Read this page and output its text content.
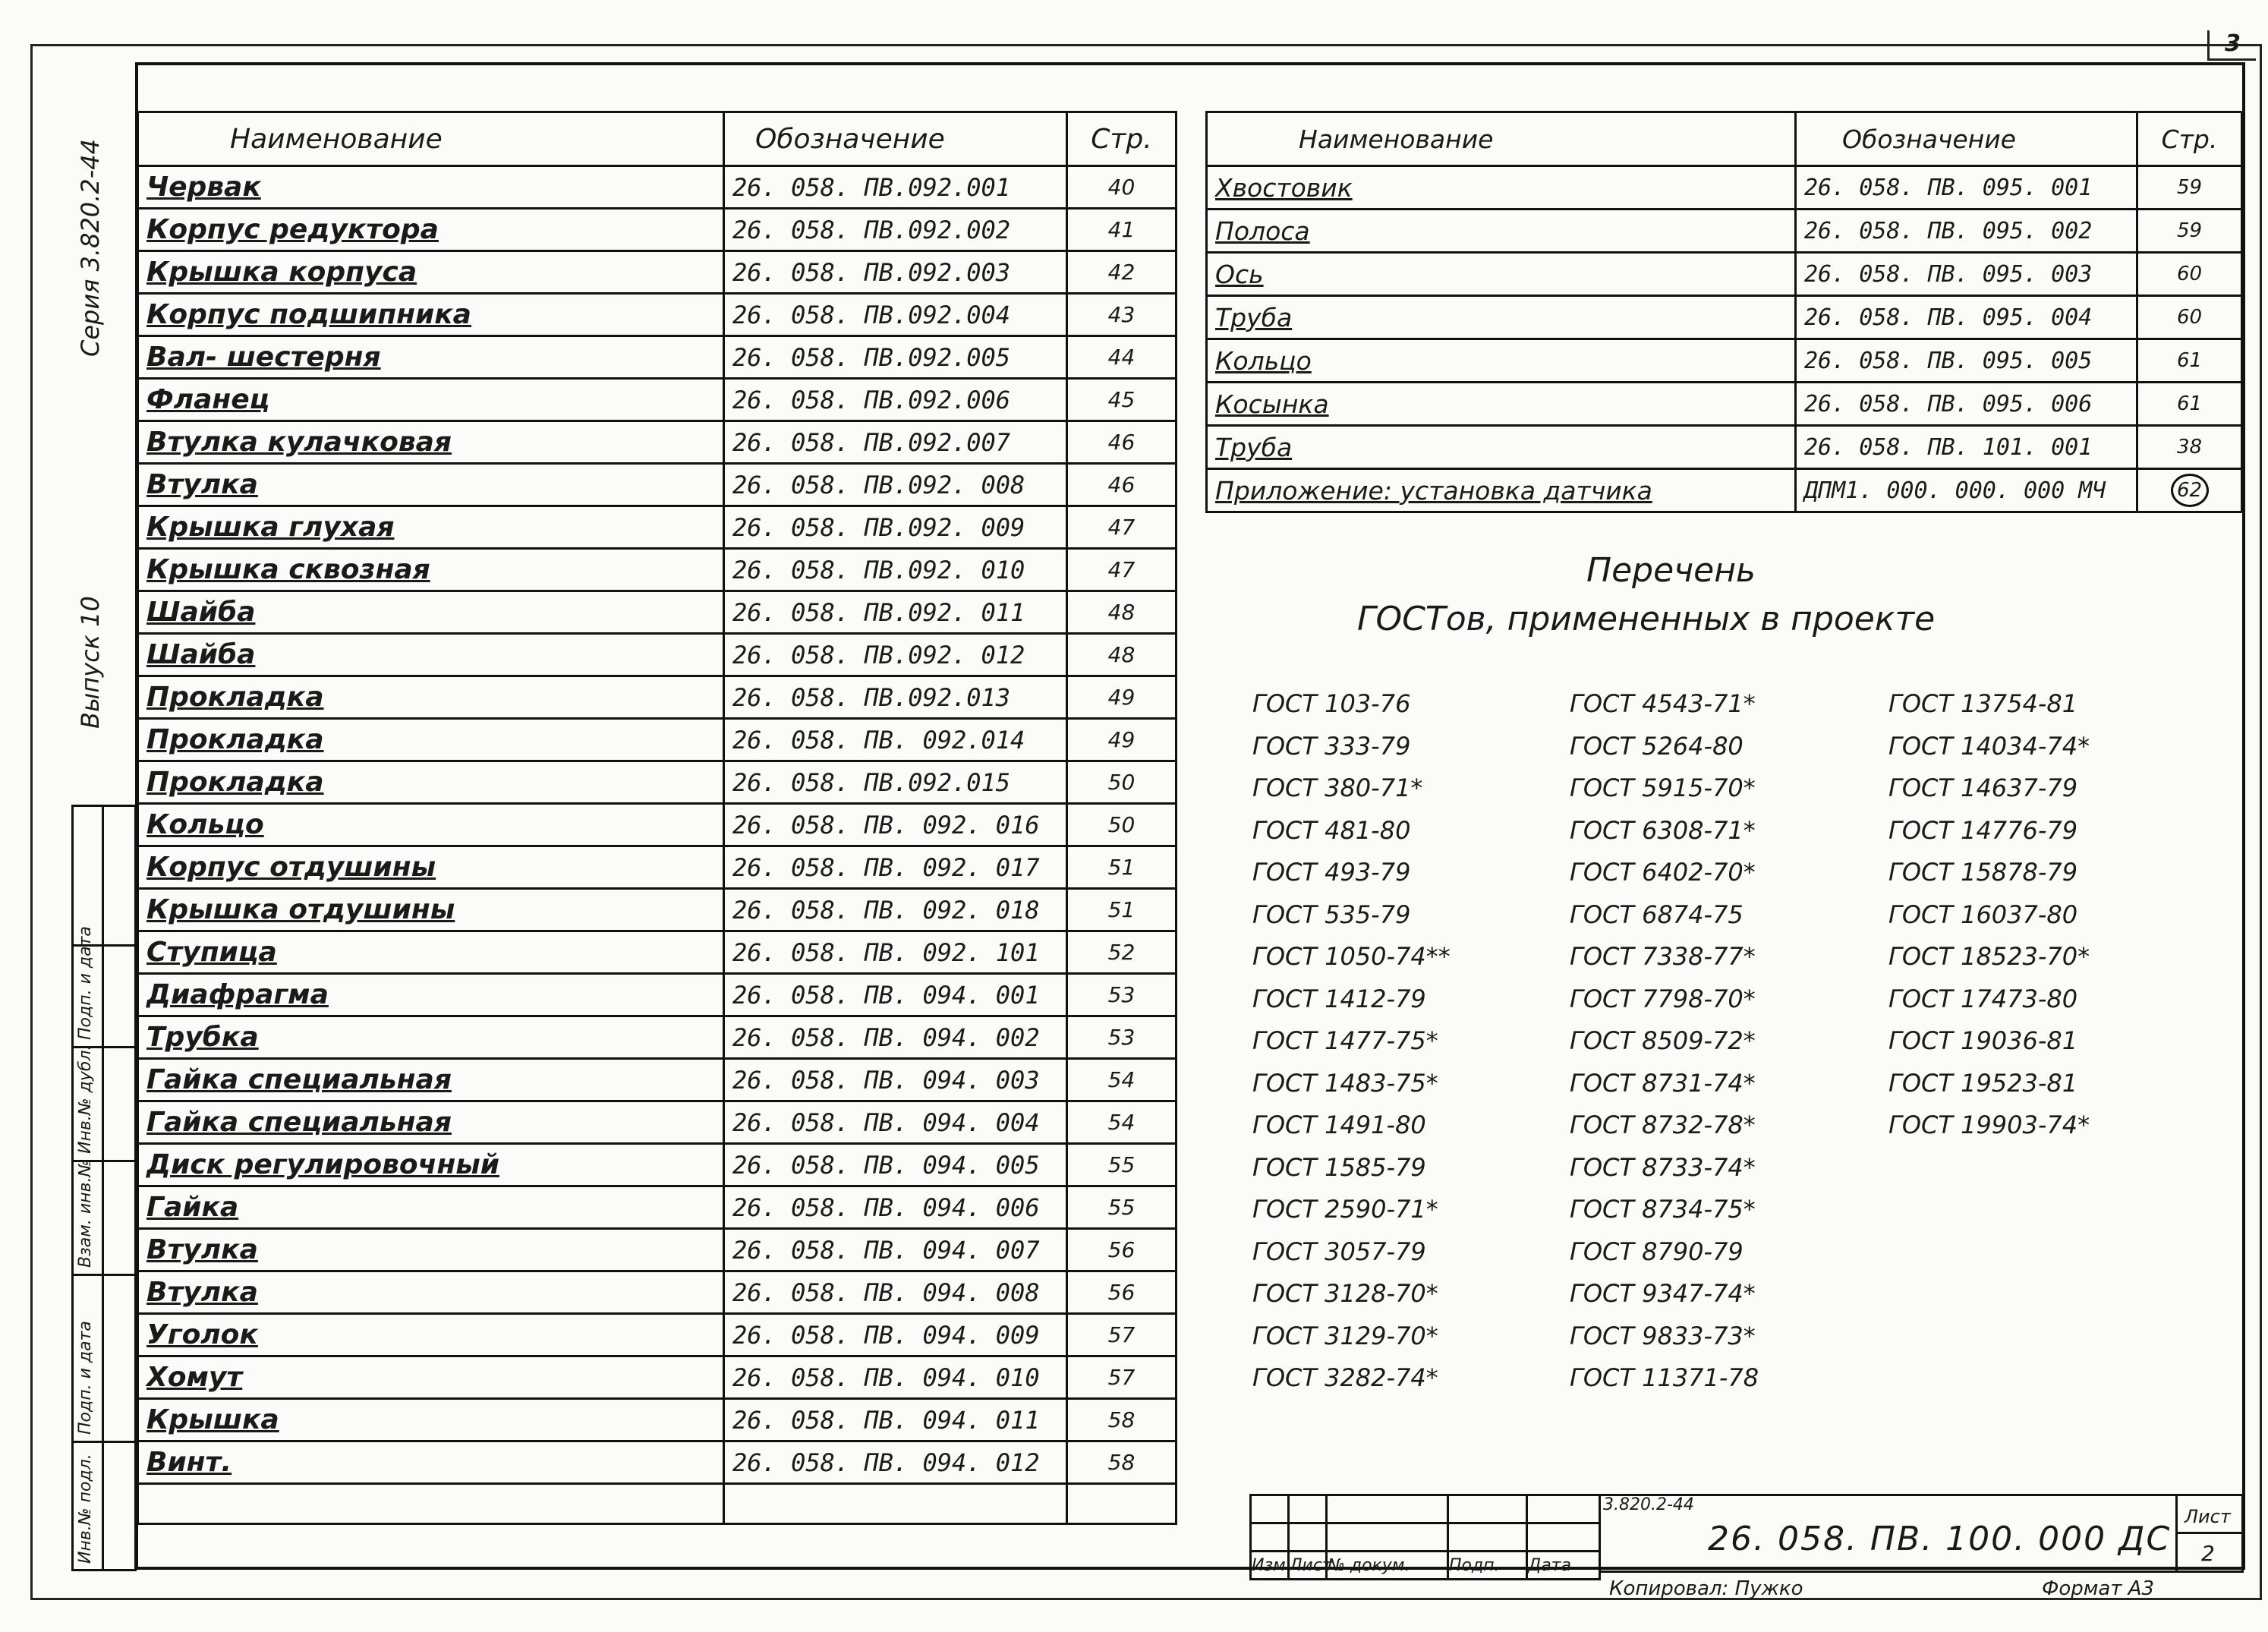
3
Серия 3.820.2-44
Выпуск 10
Инв.№ подл.
Подп. и дата
Взам. инв.№
Инв.№ дубл.
Подп. и дата
Наименование	Обозначение	Стр.
Червак	26. 058. ПВ.092.001	40
Корпус редуктора	26. 058. ПВ.092.002	41
Крышка корпуса	26. 058. ПВ.092.003	42
Корпус подшипника	26. 058. ПВ.092.004	43
Вал- шестерня	26. 058. ПВ.092.005	44
Фланец	26. 058. ПВ.092.006	45
Втулка кулачковая	26. 058. ПВ.092.007	46
Втулка	26. 058. ПВ.092. 008	46
Крышка глухая	26. 058. ПВ.092. 009	47
Крышка сквозная	26. 058. ПВ.092. 010	47
Шайба	26. 058. ПВ.092. 011	48
Шайба	26. 058. ПВ.092. 012	48
Прокладка	26. 058. ПВ.092.013	49
Прокладка	26. 058. ПВ. 092.014	49
Прокладка	26. 058. ПВ.092.015	50
Кольцо	26. 058. ПВ. 092. 016	50
Корпус отдушины	26. 058. ПВ. 092. 017	51
Крышка отдушины	26. 058. ПВ. 092. 018	51
Ступица	26. 058. ПВ. 092. 101	52
Диафрагма	26. 058. ПВ. 094. 001	53
Трубка	26. 058. ПВ. 094. 002	53
Гайка специальная	26. 058. ПВ. 094. 003	54
Гайка специальная	26. 058. ПВ. 094. 004	54
Диск регулировочный	26. 058. ПВ. 094. 005	55
Гайка	26. 058. ПВ. 094. 006	55
Втулка	26. 058. ПВ. 094. 007	56
Втулка	26. 058. ПВ. 094. 008	56
Уголок	26. 058. ПВ. 094. 009	57
Хомут	26. 058. ПВ. 094. 010	57
Крышка	26. 058. ПВ. 094. 011	58
Винт.	26. 058. ПВ. 094. 012	58

Наименование	Обозначение	Стр.
Хвостовик	26. 058. ПВ. 095. 001	59
Полоса	26. 058. ПВ. 095. 002	59
Ось	26. 058. ПВ. 095. 003	60
Труба	26. 058. ПВ. 095. 004	60
Кольцо	26. 058. ПВ. 095. 005	61
Косынка	26. 058. ПВ. 095. 006	61
Труба	26. 058. ПВ. 101. 001	38
Приложение: установка датчика	ДПМ1. 000. 000. 000 МЧ	62
Перечень
ГОСТов, примененных в проекте
ГОСТ 103-76
ГОСТ 333-79
ГОСТ 380-71*
ГОСТ 481-80
ГОСТ 493-79
ГОСТ 535-79
ГОСТ 1050-74**
ГОСТ 1412-79
ГОСТ 1477-75*
ГОСТ 1483-75*
ГОСТ 1491-80
ГОСТ 1585-79
ГОСТ 2590-71*
ГОСТ 3057-79
ГОСТ 3128-70*
ГОСТ 3129-70*
ГОСТ 3282-74*
ГОСТ 4543-71*
ГОСТ 5264-80
ГОСТ 5915-70*
ГОСТ 6308-71*
ГОСТ 6402-70*
ГОСТ 6874-75
ГОСТ 7338-77*
ГОСТ 7798-70*
ГОСТ 8509-72*
ГОСТ 8731-74*
ГОСТ 8732-78*
ГОСТ 8733-74*
ГОСТ 8734-75*
ГОСТ 8790-79
ГОСТ 9347-74*
ГОСТ 9833-73*
ГОСТ 11371-78
ГОСТ 13754-81
ГОСТ 14034-74*
ГОСТ 14637-79
ГОСТ 14776-79
ГОСТ 15878-79
ГОСТ 16037-80
ГОСТ 18523-70*
ГОСТ 17473-80
ГОСТ 19036-81
ГОСТ 19523-81
ГОСТ 19903-74*

Изм	Лист	№ докум.	Подп.	Дата
3.820.2-44
26. 058. ПВ. 100. 000 ДС
Лист
2
Копировал: Пужко	Формат А3
